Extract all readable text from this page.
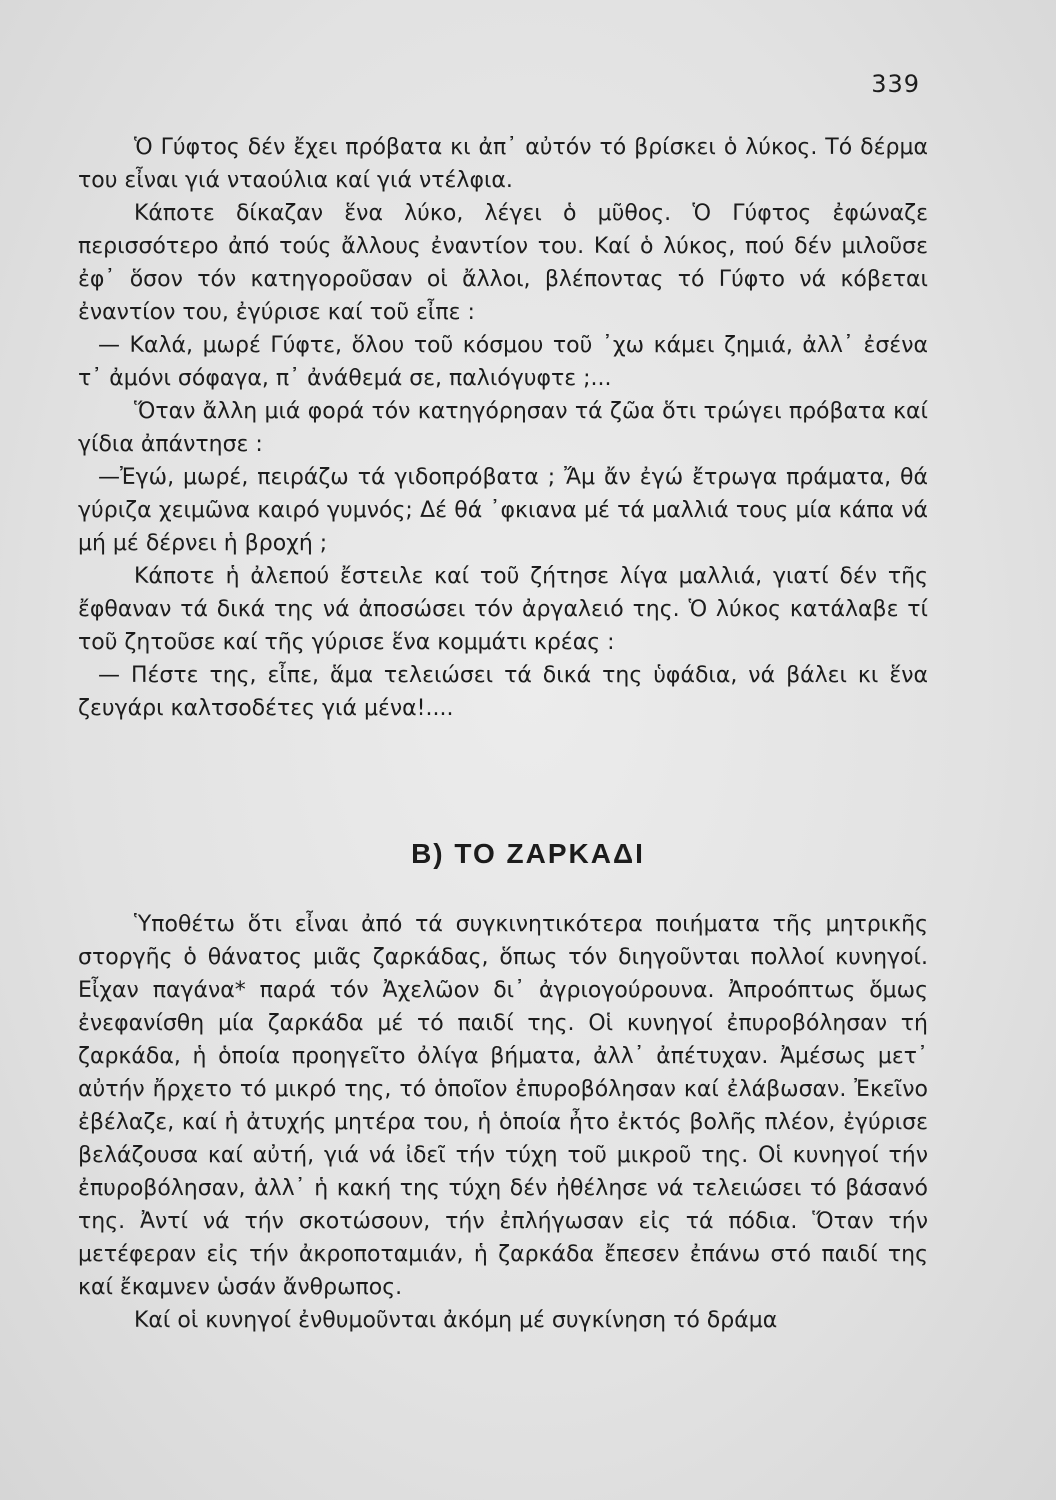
339

Ὁ Γύφτος δέν ἔχει πρόβατα κι ἀπ᾽ αὐτόν τό βρίσκει ὁ λύκος. Τό δέρμα του εἶναι γιά νταούλια καί γιά ντέλφια.

Κάποτε δίκαζαν ἕνα λύκο, λέγει ὁ μῦθος. Ὁ Γύφτος ἐφώναζε περισσότερο ἀπό τούς ἄλλους ἐναντίον του. Καί ὁ λύκος, πού δέν μιλοῦσε ἐφ᾽ ὅσον τόν κατηγοροῦσαν οἱ ἄλλοι, βλέποντας τό Γύφτο νά κόβεται ἐναντίον του, ἐγύρισε καί τοῦ εἶπε :

— Καλά, μωρέ Γύφτε, ὅλου τοῦ κόσμου τοῦ ᾽χω κάμει ζημιά, ἀλλ᾽ ἐσένα τ᾽ ἀμόνι σόφαγα, π᾽ ἀνάθεμά σε, παλιόγυφτε ;...

Ὅταν ἄλλη μιά φορά τόν κατηγόρησαν τά ζῶα ὅτι τρώγει πρόβατα καί γίδια ἀπάντησε :

—Ἐγώ, μωρέ, πειράζω τά γιδοπρόβατα ; Ἄμ ἄν ἐγώ ἔτρωγα πράματα, θά γύριζα χειμῶνα καιρό γυμνός; Δέ θά ᾽φκιανα μέ τά μαλλιά τους μία κάπα νά μή μέ δέρνει ἡ βροχή ;

Κάποτε ἡ ἀλεπού ἔστειλε καί τοῦ ζήτησε λίγα μαλλιά, γιατί δέν τῆς ἔφθαναν τά δικά της νά ἀποσώσει τόν ἀργαλειό της. Ὁ λύκος κατάλαβε τί τοῦ ζητοῦσε καί τῆς γύρισε ἕνα κομμάτι κρέας :

— Πέστε της, εἶπε, ἅμα τελειώσει τά δικά της ὑφάδια, νά βάλει κι ἕνα ζευγάρι καλτσοδέτες γιά μένα!....

Β) ΤΟ ΖΑΡΚΑΔΙ

Ὑποθέτω ὅτι εἶναι ἀπό τά συγκινητικότερα ποιήματα τῆς μητρικῆς στοργῆς ὁ θάνατος μιᾶς ζαρκάδας, ὅπως τόν διηγοῦνται πολλοί κυνηγοί. Εἶχαν παγάνα* παρά τόν Ἀχελῶον δι᾽ ἀγριογούρουνα. Ἀπροόπτως ὅμως ἐνεφανίσθη μία ζαρκάδα μέ τό παιδί της. Οἱ κυνηγοί ἐπυροβόλησαν τή ζαρκάδα, ἡ ὁποία προηγεῖτο ὀλίγα βήματα, ἀλλ᾽ ἀπέτυχαν. Ἀμέσως μετ᾽ αὐτήν ἤρχετο τό μικρό της, τό ὁποῖον ἐπυροβόλησαν καί ἐλάβωσαν. Ἐκεῖνο ἐβέλαζε, καί ἡ ἀτυχής μητέρα του, ἡ ὁποία ἦτο ἐκτός βολῆς πλέον, ἐγύρισε βελάζουσα καί αὐτή, γιά νά ἰδεῖ τήν τύχη τοῦ μικροῦ της. Οἱ κυνηγοί τήν ἐπυροβόλησαν, ἀλλ᾽ ἡ κακή της τύχη δέν ἠθέλησε νά τελειώσει τό βάσανό της. Ἀντί νά τήν σκοτώσουν, τήν ἐπλήγωσαν εἰς τά πόδια. Ὅταν τήν μετέφεραν εἰς τήν ἀκροποταμιάν, ἡ ζαρκάδα ἔπεσεν ἐπάνω στό παιδί της καί ἔκαμνεν ὡσάν ἄνθρωπος.

Καί οἱ κυνηγοί ἐνθυμοῦνται ἀκόμη μέ συγκίνηση τό δράμα
